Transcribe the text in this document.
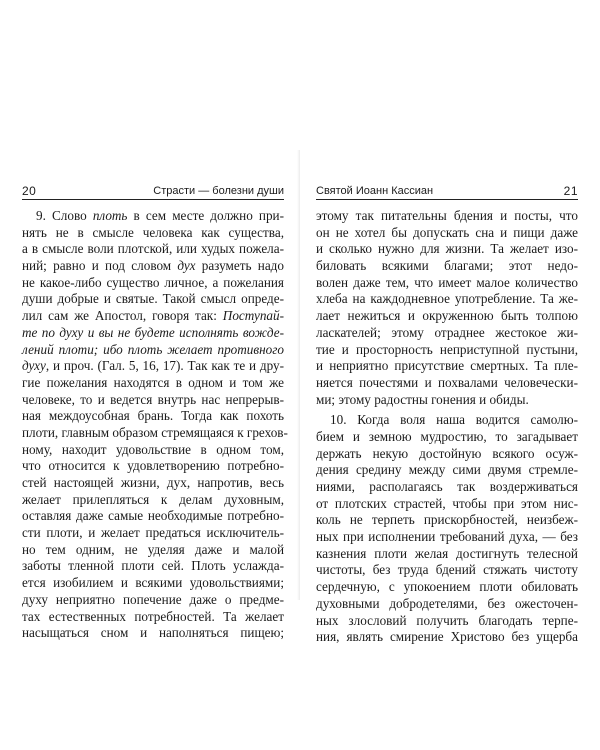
20	Страсти — болезни души
9. Слово плоть в сем месте должно при-
нять не в смысле человека как существа,
а в смысле воли плотской, или худых пожела-
ний; равно и под словом дух разуметь надо
не какое-либо существо личное, а пожелания
души добрые и святые. Такой смысл опреде-
лил сам же Апостол, говоря так: Поступай-
те по духу и вы не будете исполнять вожде-
лений плоти; ибо плоть желает противного
духу, и проч. (Гал. 5, 16, 17). Так как те и дру-
гие пожелания находятся в одном и том же
человеке, то и ведется внутрь нас непрерыв-
ная междоусобная брань. Тогда как похоть
плоти, главным образом стремящаяся к грехов-
ному, находит удовольствие в одном том,
что относится к удовлетворению потребно-
стей настоящей жизни, дух, напротив, весь
желает прилепляться к делам духовным,
оставляя даже самые необходимые потребно-
сти плоти, и желает предаться исключитель-
но тем одним, не уделяя даже и малой
заботы тленной плоти сей. Плоть услажда-
ется изобилием и всякими удовольствиями;
духу неприятно попечение даже о предме-
тах естественных потребностей. Та желает
насыщаться сном и наполняться пищею;
Святой Иоанн Кассиан	21
этому так питательны бдения и посты, что
он не хотел бы допускать сна и пищи даже
и сколько нужно для жизни. Та желает изо-
биловать всякими благами; этот недо-
волен даже тем, что имеет малое количество
хлеба на каждодневное употребление. Та же-
лает нежиться и окруженною быть толпою
ласкателей; этому отраднее жестокое жи-
тие и просторность неприступной пустыни,
и неприятно присутствие смертных. Та пле-
няется почестями и похвалами человечески-
ми; этому радостны гонения и обиды.
10. Когда воля наша водится самолю-
бием и земною мудростию, то загадывает
держать некую достойную всякого осуж-
дения средину между сими двумя стремле-
ниями, располагаясь так воздерживаться
от плотских страстей, чтобы при этом нис-
коль не терпеть прискорбностей, неизбеж-
ных при исполнении требований духа, — без
казнения плоти желая достигнуть телесной
чистоты, без труда бдений стяжать чистоту
сердечную, с упокоением плоти обиловать
духовными добродетелями, без ожесточен-
ных злословий получить благодать терпе-
ния, являть смирение Христово без ущерба
